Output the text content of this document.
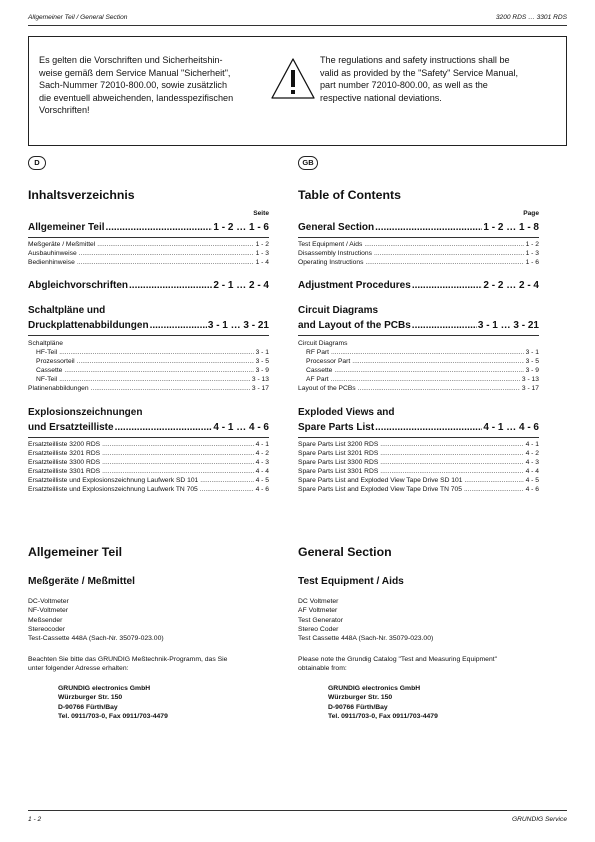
Allgemeiner Teil / General Section	3200 RDS … 3301 RDS
Es gelten die Vorschriften und Sicherheitshin-
weise gemäß dem Service Manual "Sicherheit",
Sach-Nummer 72010-800.00, sowie zusätzlich
die eventuell abweichenden, landesspezifischen
Vorschriften!
The regulations and safety instructions shall be
valid as provided by the "Safety" Service Manual,
part number 72010-800.00, as well as the
respective national deviations.
D
Inhaltsverzeichnis
Seite
Allgemeiner Teil .....	1 - 2 … 1 - 6
Meßgeräte / Meßmittel .....	1 - 2
Ausbauhinweise .....	1 - 3
Bedienhinweise .....	1 - 4
Abgleichvorschriften .....	2 - 1 … 2 - 4
Schaltpläne und
Druckplattenabbildungen .....	3 - 1 … 3 - 21
Schaltpläne
HF-Teil .....	3 - 1
Prozessorteil .....	3 - 5
Cassette .....	3 - 9
NF-Teil .....	3 - 13
Platinenabbildungen .....	3 - 17
Explosionszeichnungen
und Ersatzteilliste .....	4 - 1 … 4 - 6
Ersatzteilliste 3200 RDS .....	4 - 1
Ersatzteilliste 3201 RDS .....	4 - 2
Ersatzteilliste 3300 RDS .....	4 - 3
Ersatzteilliste 3301 RDS .....	4 - 4
Ersatzteilliste und Explosionszeichnung Laufwerk SD 101 .....	4 - 5
Ersatzteilliste und Explosionszeichnung Laufwerk TN 705 .....	4 - 6
Allgemeiner Teil
Meßgeräte / Meßmittel
DC-Voltmeter
NF-Voltmeter
Meßsender
Stereocoder
Test-Cassette 448A (Sach-Nr. 35079-023.00)
Beachten Sie bitte das GRUNDIG Meßtechnik-Programm, das Sie
unter folgender Adresse erhalten:
GRUNDIG electronics GmbH
Würzburger Str. 150
D-90766 Fürth/Bay
Tel. 0911/703-0, Fax 0911/703-4479
GB
Table of Contents
Page
General Section .....	1 - 2 … 1 - 8
Test Equipment / Aids .....	1 - 2
Disassembly Instructions .....	1 - 3
Operating Instructions .....	1 - 6
Adjustment Procedures .....	2 - 2 … 2 - 4
Circuit Diagrams
and Layout of the PCBs .....	3 - 1 … 3 - 21
Circuit Diagrams
RF Part .....	3 - 1
Processor Part .....	3 - 5
Cassette .....	3 - 9
AF Part .....	3 - 13
Layout of the PCBs .....	3 - 17
Exploded Views and
Spare Parts List .....	4 - 1 … 4 - 6
Spare Parts List 3200 RDS .....	4 - 1
Spare Parts List 3201 RDS .....	4 - 2
Spare Parts List 3300 RDS .....	4 - 3
Spare Parts List 3301 RDS .....	4 - 4
Spare Parts List and Exploded View Tape Drive SD 101 .....	4 - 5
Spare Parts List and Exploded View Tape Drive TN 705 .....	4 - 6
General Section
Test Equipment / Aids
DC Voltmeter
AF Voltmeter
Test Generator
Stereo Coder
Test Cassette 448A (Sach-Nr. 35079-023.00)
Please note the Grundig Catalog "Test and Measuring Equipment"
obtainable from:
GRUNDIG electronics GmbH
Würzburger Str. 150
D-90766 Fürth/Bay
Tel. 0911/703-0, Fax 0911/703-4479
1 - 2	GRUNDIG Service
